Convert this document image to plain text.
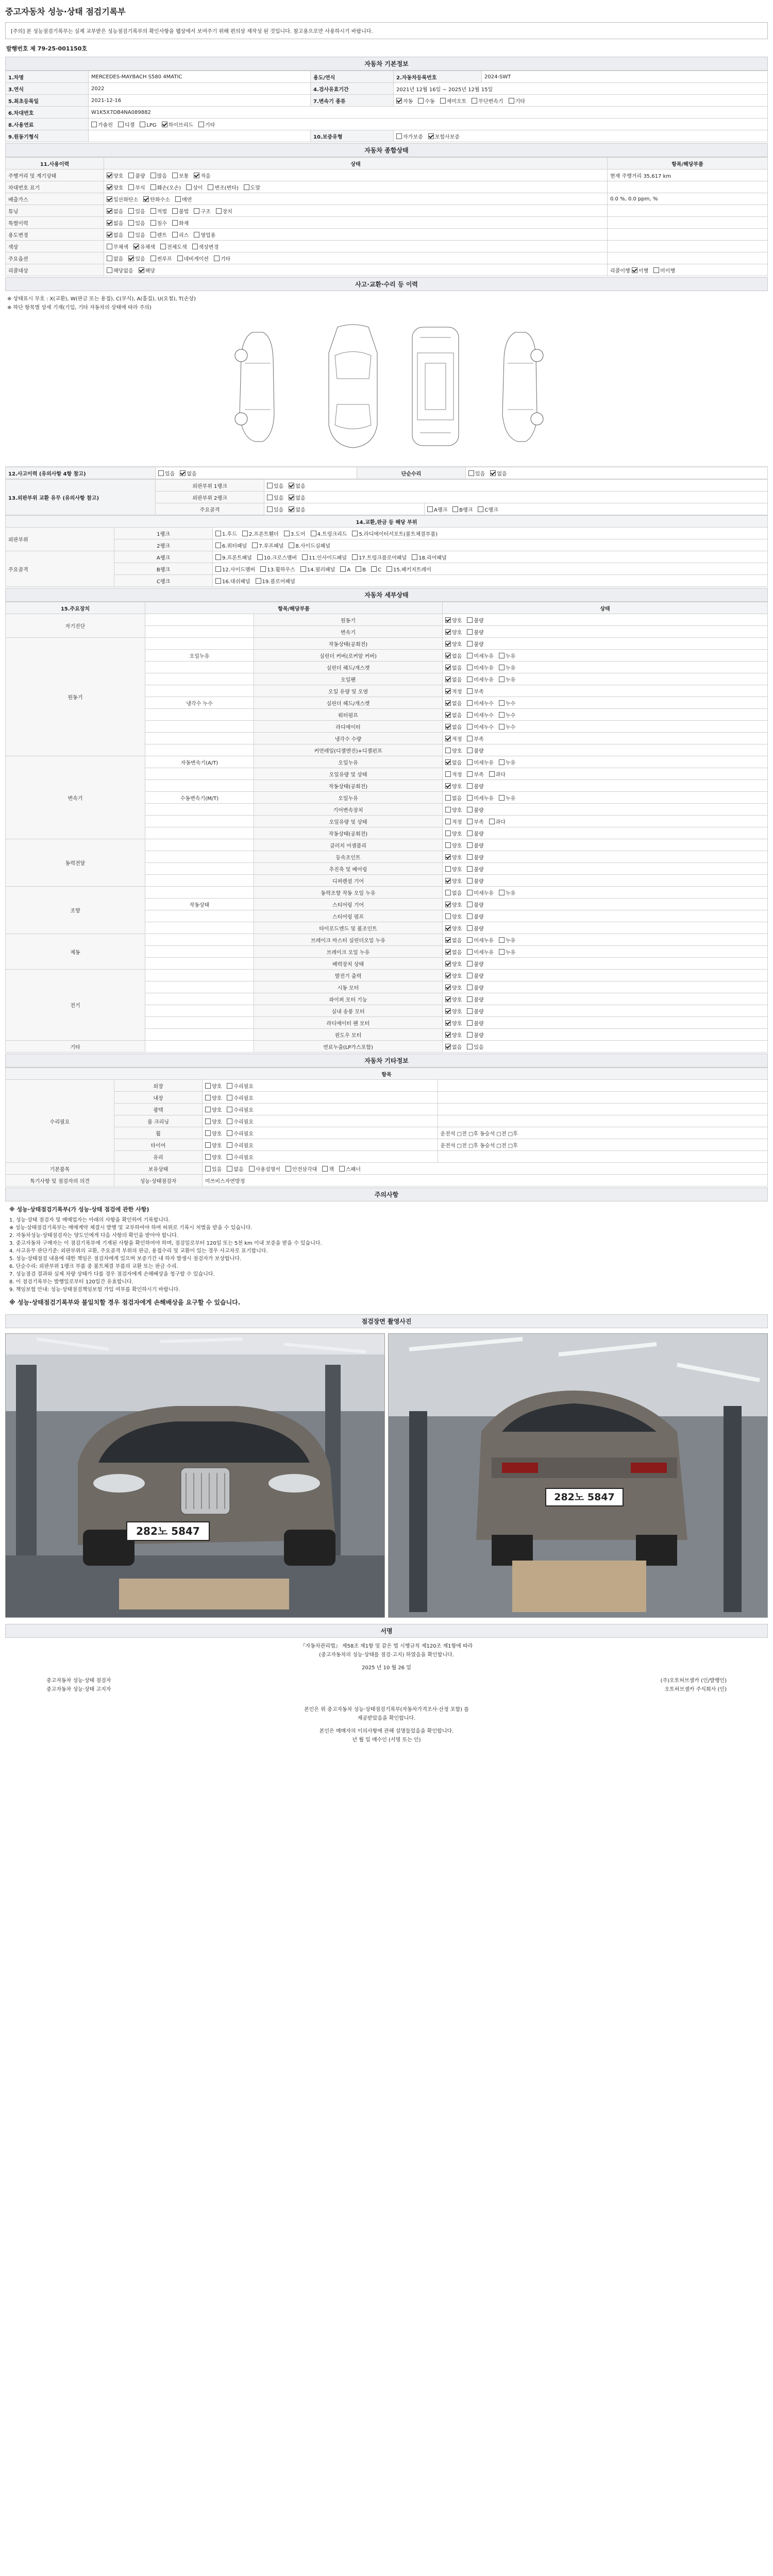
중고자동차 성능·상태 점검기록부
[주의] 본 성능점검기록부는 실제 교부받은 성능점검기록부의 확인사항을 웹상에서 보여주기 위해 편의상 재작성 된 것입니다. 참고용으로만 사용하시기 바랍니다.
발행번호 제 79-25-001150호
자동차 기본정보
1.차명	MERCEDES-MAYBACH S580 4MATIC	용도/연식	2.자동차등록번호	2024-SWT
3.연식	2022	4.검사유효기간	2021년 12월 16일 ~ 2025년 12월 15일	
5.최초등록일	2021-12-16	7.변속기 종류	자동 수동 세미오토 무단변속기 기타	
6.차대번호	W1K5X7DB4NA089882			
8.사용연료	가솔린 디젤 LPG 하이브리드 기타			
9.원동기형식		10.보증유형	자가보증 보험사보증	
자동차 종합상태
11.사용이력	상태	항목/해당부품
주행거리 및 계기상태	양호 불량 많음 보통 적음	현재 주행거리 35,617 km
차대번호 표기	양호 부식 훼손(오손) 상이 변조(변타) 도말	
배출가스	일산화탄소 탄화수소 매연	0.0 %, 0.0 ppm, %
튜닝	없음 있음 적법 불법 구조 장치	
특별이력	없음 있음 침수 화재	
용도변경	없음 있음 렌트 리스 영업용	
색상	무채색 유채색 전체도색 색상변경	
주요옵션	없음 있음 썬루프 네비게이션 기타	
리콜대상	해당없음 해당	리콜이행 이행 미이행
사고·교환·수리 등 이력
※ 상태표시 부호 : X(교환), W(판금 또는 용접), C(부식), A(흠집), U(요철), T(손상)
※ 하단 항목별 상세 기재(기입, 기타 자동차의 상태에 따라 주의)
12.사고이력 (유의사항 4항 참고)	있음 없음	단순수리	있음 없음
13.외판부위 교환 유무 (유의사항 참고)	외판부위 1랭크	있음 없음	
	외판부위 2랭크	있음 없음	
	주요골격	있음 없음	A랭크 B랭크 C랭크
14.교환,판금 등 해당 부위		
외판부위	1랭크	1.후드 2.프론트휀더 3.도어 4.트렁크리드 5.라디에이터서포트(볼트체결부품)
	2랭크	6.쿼터패널 7.루프패널 8.사이드실패널
주요골격	A랭크	9.프론트패널 10.크로스멤버 11.인사이드패널 17.트렁크플로어패널 18.리어패널
	B랭크	12.사이드멤버 13.휠하우스 14.필러패널 A B C 15.패키지트레이
	C랭크	16.대쉬패널 19.플로어패널
자동차 세부상태
15.주요장치	항목/해당부품		상태
자기진단		원동기	양호 불량
		변속기	양호 불량
원동기		작동상태(공회전)	양호 불량
	오일누유	실린더 커버(로커암 커버)	없음 미세누유 누유
		실린더 헤드/개스켓	없음 미세누유 누유
		오일팬	없음 미세누유 누유
		오일 유량 및 오염	적정 부족
	냉각수 누수	실린더 헤드/개스켓	없음 미세누수 누수
		워터펌프	없음 미세누수 누수
		라디에이터	없음 미세누수 누수
		냉각수 수량	적정 부족
		커먼레일(디젤엔진)+디젤펀프	양호 불량
변속기	자동변속기(A/T)	오일누유	없음 미세누유 누유
		오일유량 및 상태	적정 부족 과다
		작동상태(공회전)	양호 불량
	수동변속기(M/T)	오일누유	없음 미세누유 누유
		기어변속장치	양호 불량
		오일유량 및 상태	적정 부족 과다
		작동상태(공회전)	양호 불량
동력전달		클러치 어셈블리	양호 불량
		등속조인트	양호 불량
		추진축 및 베어링	양호 불량
		디퍼렌셜 기어	양호 불량
조향		동력조향 작동 오일 누유	없음 미세누유 누유
	작동상태	스티어링 기어	양호 불량
		스티어링 펌프	양호 불량
		타이로드엔드 및 볼조인트	양호 불량
제동		브레이크 마스터 실린더오일 누유	없음 미세누유 누유
		브레이크 오일 누유	없음 미세누유 누유
		배력장치 상태	양호 불량
전기		발전기 출력	양호 불량
		시동 모터	양호 불량
		와이퍼 모터 기능	양호 불량
		실내 송풍 모터	양호 불량
		라디에이터 팬 모터	양호 불량
		윈도우 모터	양호 불량
기타		연료누출(LP가스포함)	없음 있음
자동차 기타정보
항목			
수리필요	외장	양호 수리필요	
	내장	양호 수리필요	
	광택	양호 수리필요	
	룸 크리닝	양호 수리필요	
	휠	양호 수리필요	운전석 □전 □후 동승석 □전 □후
	타이어	양호 수리필요	운전석 □전 □후 동승석 □전 □후
	유리	양호 수리필요	
기본품목	보유상태	있음 없음 사용설명서 안전삼각대 잭 스패너	
특기사항 및 점검자의 의견	성능·상태점검자	미쓰비스자연방정	
주의사항
※ 성능·상태점검기록부(가 성능·상태 점검에 관한 사항)
1. 성능·상태 점검자 및 매매업자는 아래의 사항을 확인하여 기록합니다.
※ 성능·상태점검기록부는 매매계약 체결시 발행 및 교부하여야 하며 허위로 기록시 처벌을 받을 수 있습니다.
2. 자동차성능·상태점검자는 양도인에게 다음 사항의 확인을 받아야 합니다.
3. 중고자동차 구매자는 이 점검기록부에 기재된 사항을 확인하여야 하며, 점검일로부터 120일 또는 5천 km 이내 보증을 받을 수 있습니다.
4. 사고유무 판단기준: 외판부위의 교환, 주요골격 부위의 판금, 용접수리 및 교환이 있는 경우 사고차로 표기합니다.
5. 성능·상태점검 내용에 대한 책임은 점검자에게 있으며 보증기간 내 하자 발생시 점검자가 보상합니다.
6. 단순수리: 외판부위 1랭크 부품 중 볼트체결 부품의 교환 또는 판금 수리.
7. 성능점검 결과와 실제 차량 상태가 다를 경우 점검자에게 손해배상을 청구할 수 있습니다.
8. 이 점검기록부는 발행일로부터 120일간 유효합니다.
9. 책임보험 안내: 성능·상태점검책임보험 가입 여부를 확인하시기 바랍니다.
※ 성능·상태점검기록부와 불일치할 경우 점검자에게 손해배상을 요구할 수 있습니다.
점검장면 촬영사진
282노 5847
282노 5847
서명
『자동차관리법』 제58조 제1항 및 같은 법 시행규칙 제120조 제1항에 따라
(중고자동차의 성능·상태를 점검·고지) 하였음을 확인합니다.
2025 년 10 월 26 일
중고자동차 성능·상태 점검자
중고자동차 성능·상태 고지자
(주)오토허브셀카 (인/발행인)
오토허브셀카 주식회사 (인)
본인은 위 중고자동차 성능·상태점검기록부(자동차가격조사·산정 포함) 를
제공받았음을 확인합니다.
본인은 매매자의 이의사항에 관해 설명들었음을 확인합니다.
년 월 일 매수인 (서명 또는 인)
